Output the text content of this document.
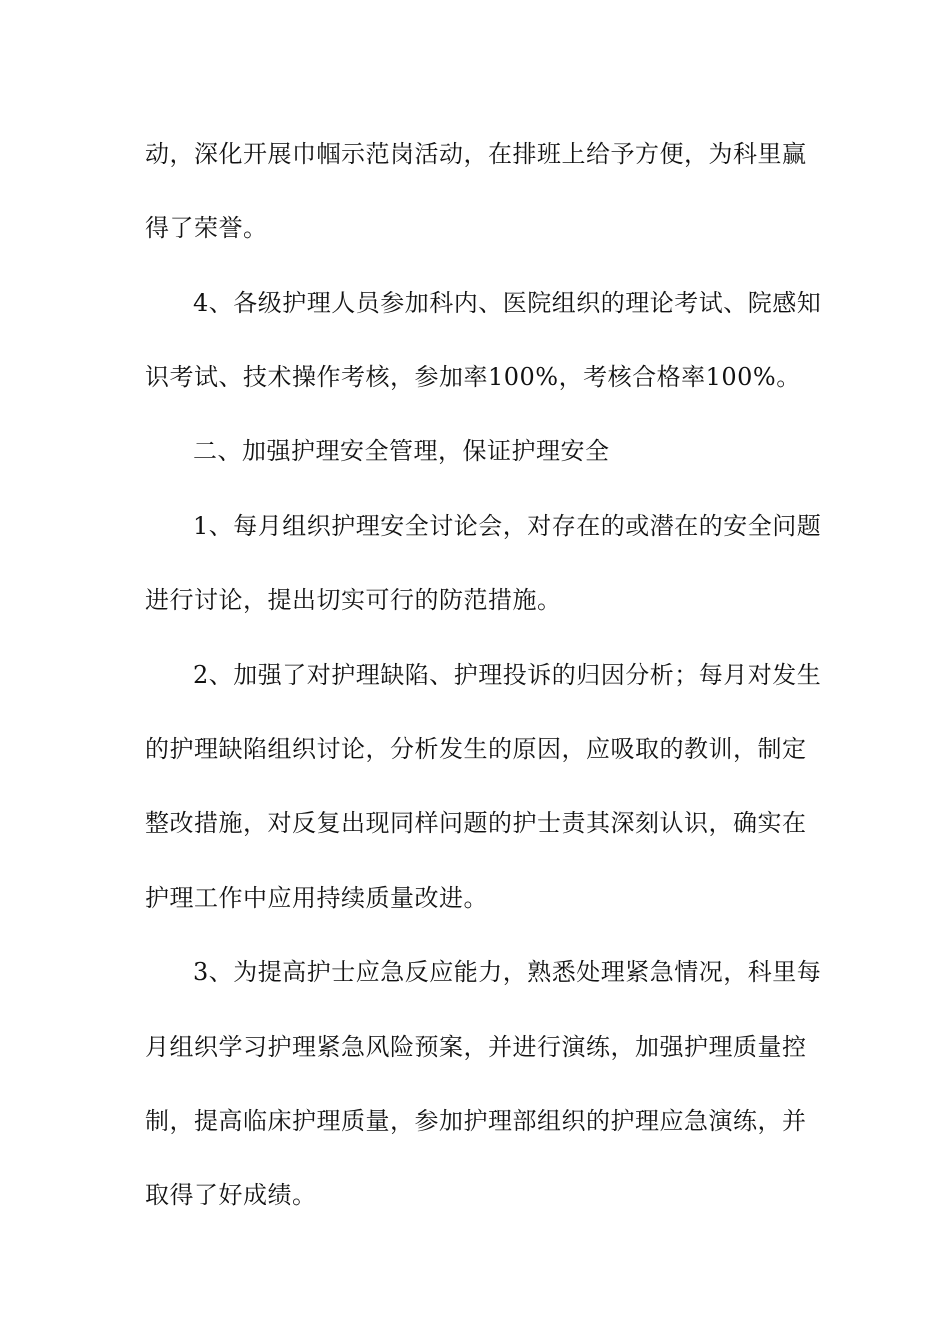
动，深化开展巾帼示范岗活动，在排班上给予方便，为科里赢
得了荣誉。
4、各级护理人员参加科内、医院组织的理论考试、院感知
识考试、技术操作考核，参加率100%，考核合格率100%。
二、加强护理安全管理，保证护理安全
1、每月组织护理安全讨论会，对存在的或潜在的安全问题
进行讨论，提出切实可行的防范措施。
2、加强了对护理缺陷、护理投诉的归因分析；每月对发生
的护理缺陷组织讨论，分析发生的原因，应吸取的教训，制定
整改措施，对反复出现同样问题的护士责其深刻认识，确实在
护理工作中应用持续质量改进。
3、为提高护士应急反应能力，熟悉处理紧急情况，科里每
月组织学习护理紧急风险预案，并进行演练，加强护理质量控
制，提高临床护理质量，参加护理部组织的护理应急演练，并
取得了好成绩。
